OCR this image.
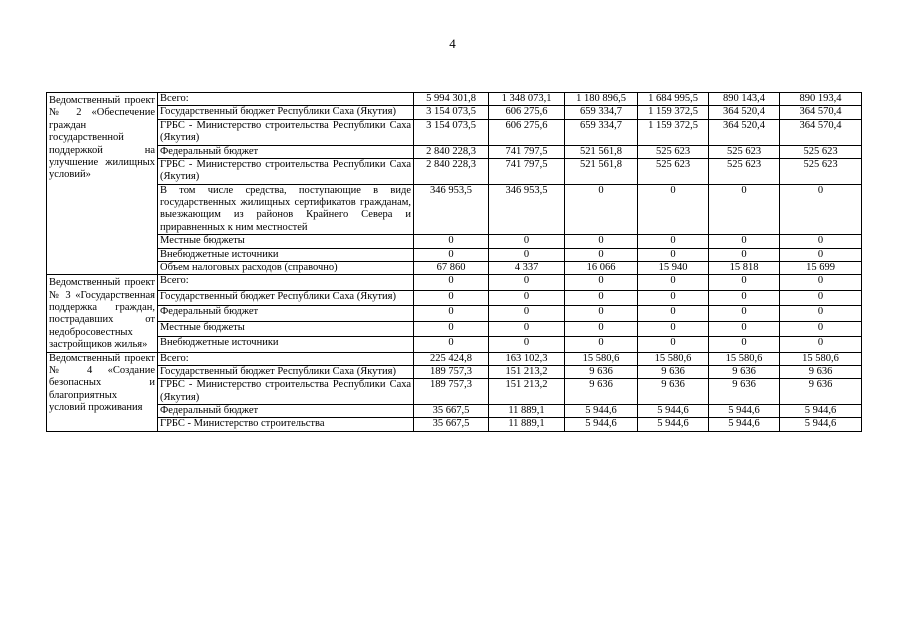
4
Ведомственный проект № 2 «Обеспечение граждан государственной поддержкой на улучшение жилищных условий»	Всего:	5 994 301,8	1 348 073,1	1 180 896,5	1 684 995,5	890 143,4	890 193,4
	Государственный бюджет Республики Саха (Якутия)	3 154 073,5	606 275,6	659 334,7	1 159 372,5	364 520,4	364 570,4
	ГРБС - Министерство строительства Республики Саха (Якутия)	3 154 073,5	606 275,6	659 334,7	1 159 372,5	364 520,4	364 570,4
	Федеральный бюджет	2 840 228,3	741 797,5	521 561,8	525 623	525 623	525 623
	ГРБС - Министерство строительства Республики Саха (Якутия)	2 840 228,3	741 797,5	521 561,8	525 623	525 623	525 623
	В том числе средства, поступающие в виде государственных жилищных сертификатов гражданам, выезжающим из районов Крайнего Севера и приравненных к ним местностей	346 953,5	346 953,5	0	0	0	0
	Местные бюджеты	0	0	0	0	0	0
	Внебюджетные источники	0	0	0	0	0	0
	Объем налоговых расходов (справочно)	67 860	4 337	16 066	15 940	15 818	15 699
Ведомственный проект № 3 «Государственная поддержка граждан, пострадавших от недобросовестных застройщиков жилья»	Всего:	0	0	0	0	0	0
	Государственный бюджет Республики Саха (Якутия)	0	0	0	0	0	0
	Федеральный бюджет	0	0	0	0	0	0
	Местные бюджеты	0	0	0	0	0	0
	Внебюджетные источники	0	0	0	0	0	0
Ведомственный проект № 4 «Создание безопасных и благоприятных условий проживания	Всего:	225 424,8	163 102,3	15 580,6	15 580,6	15 580,6	15 580,6
	Государственный бюджет Республики Саха (Якутия)	189 757,3	151 213,2	9 636	9 636	9 636	9 636
	ГРБС - Министерство строительства Республики Саха (Якутия)	189 757,3	151 213,2	9 636	9 636	9 636	9 636
	Федеральный бюджет	35 667,5	11 889,1	5 944,6	5 944,6	5 944,6	5 944,6
	ГРБС - Министерство строительства	35 667,5	11 889,1	5 944,6	5 944,6	5 944,6	5 944,6
